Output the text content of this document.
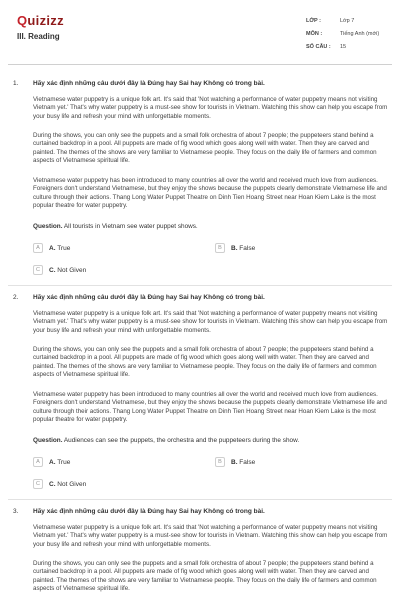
Quizizz
III. Reading
LỚP :	Lớp 7
MÔN :	Tiếng Anh (mới)
SỐ CÂU :	15
1. Hãy xác định những câu dưới đây là Đúng hay Sai hay Không có trong bài.
Vietnamese water puppetry is a unique folk art. It's said that 'Not watching a performance of water puppetry means not visiting Vietnam yet.' That's why water puppetry is a must-see show for tourists in Vietnam. Watching this show can help you escape from your busy life and refresh your mind with unforgettable moments.
During the shows, you can only see the puppets and a small folk orchestra of about 7 people; the puppeteers stand behind a curtained backdrop in a pool. All puppets are made of fig wood which goes along well with water. Then they are carved and painted. The themes of the shows are very familiar to Vietnamese people. They focus on the daily life of farmers and common aspects of Vietnamese spiritual life.
Vietnamese water puppetry has been introduced to many countries all over the world and received much love from audiences. Foreigners don't understand Vietnamese, but they enjoy the shows because the puppets clearly demonstrate Vietnamese life and culture through their actions. Thang Long Water Puppet Theatre on Dinh Tien Hoang Street near Hoan Kiem Lake is the most popular theatre for water puppetry.
Question. All tourists in Vietnam see water puppet shows.
A	A. True	B	B. False
C	C. Not Given
2. Hãy xác định những câu dưới đây là Đúng hay Sai hay Không có trong bài.
Vietnamese water puppetry is a unique folk art. It's said that 'Not watching a performance of water puppetry means not visiting Vietnam yet.' That's why water puppetry is a must-see show for tourists in Vietnam. Watching this show can help you escape from your busy life and refresh your mind with unforgettable moments.
During the shows, you can only see the puppets and a small folk orchestra of about 7 people; the puppeteers stand behind a curtained backdrop in a pool. All puppets are made of fig wood which goes along well with water. Then they are carved and painted. The themes of the shows are very familiar to Vietnamese people. They focus on the daily life of farmers and common aspects of Vietnamese spiritual life.
Vietnamese water puppetry has been introduced to many countries all over the world and received much love from audiences. Foreigners don't understand Vietnamese, but they enjoy the shows because the puppets clearly demonstrate Vietnamese life and culture through their actions. Thang Long Water Puppet Theatre on Dinh Tien Hoang Street near Hoan Kiem Lake is the most popular theatre for water puppetry.
Question. Audiences can see the puppets, the orchestra and the puppeteers during the show.
A	A. True	B	B. False
C	C. Not Given
3. Hãy xác định những câu dưới đây là Đúng hay Sai hay Không có trong bài.
Vietnamese water puppetry is a unique folk art. It's said that 'Not watching a performance of water puppetry means not visiting Vietnam yet.' That's why water puppetry is a must-see show for tourists in Vietnam. Watching this show can help you escape from your busy life and refresh your mind with unforgettable moments.
During the shows, you can only see the puppets and a small folk orchestra of about 7 people; the puppeteers stand behind a curtained backdrop in a pool. All puppets are made of fig wood which goes along well with water. Then they are carved and painted. The themes of the shows are very familiar to Vietnamese people. They focus on the daily life of farmers and common aspects of Vietnamese spiritual life.
